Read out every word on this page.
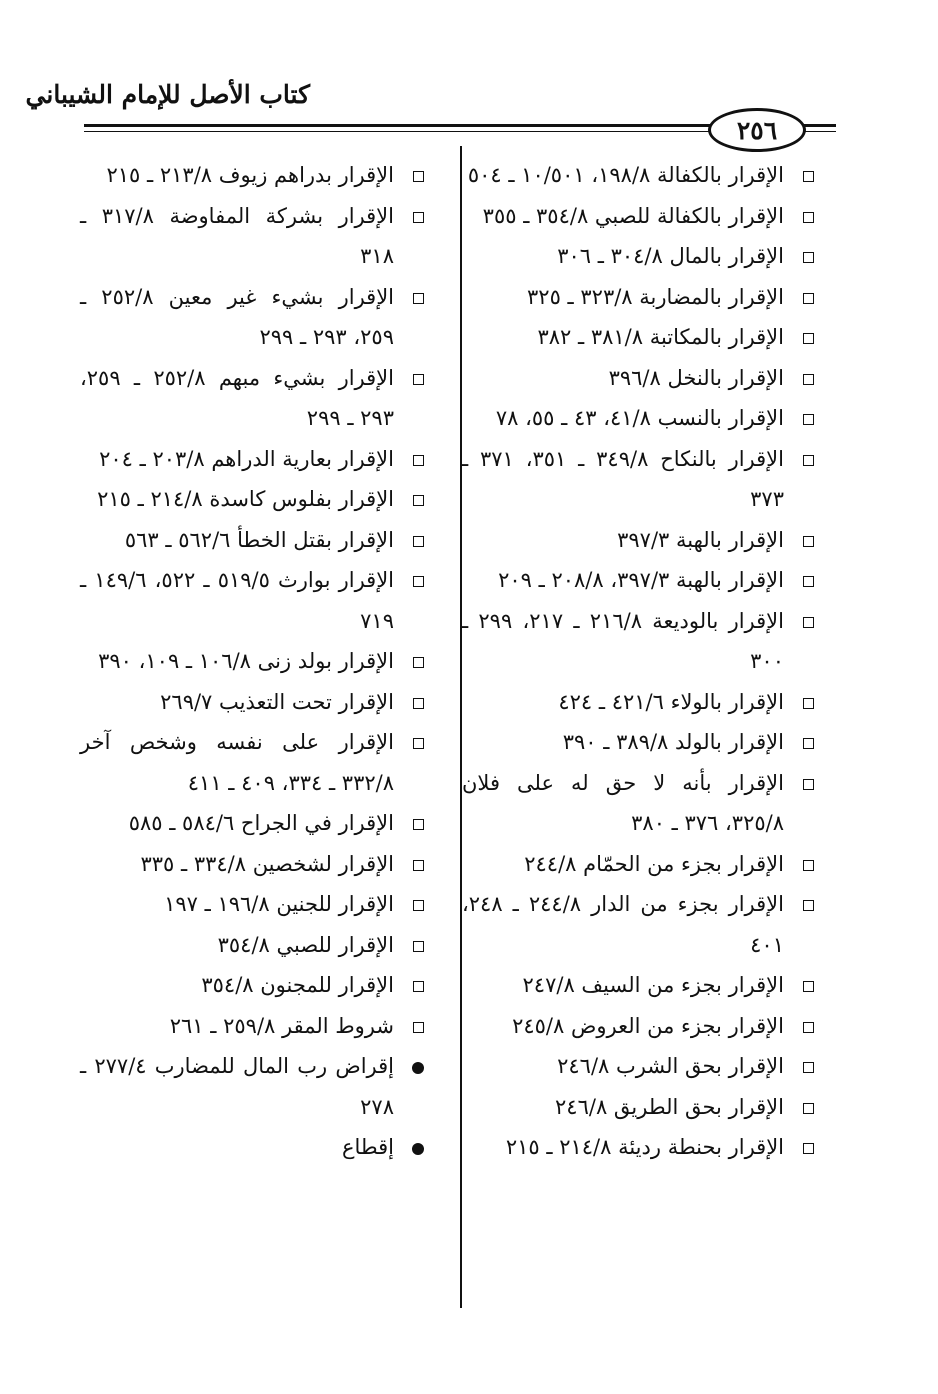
كتاب الأصل للإمام الشيباني
٢٥٦
الإقرار بالكفالة ١٩٨/٨، ١٠/٥٠١ ـ ٥٠٤
الإقرار بالكفالة للصبي ٣٥٤/٨ ـ ٣٥٥
الإقرار بالمال ٣٠٤/٨ ـ ٣٠٦
الإقرار بالمضاربة ٣٢٣/٨ ـ ٣٢٥
الإقرار بالمكاتبة ٣٨١/٨ ـ ٣٨٢
الإقرار بالنخل ٣٩٦/٨
الإقرار بالنسب ٤١/٨، ٤٣ ـ ٥٥، ٧٨
الإقرار بالنكاح ٣٤٩/٨ ـ ٣٥١، ٣٧١ ـ ٣٧٣
الإقرار بالهبة ٣٩٧/٣
الإقرار بالهبة ٣٩٧/٣، ٢٠٨/٨ ـ ٢٠٩
الإقرار بالوديعة ٢١٦/٨ ـ ٢١٧، ٢٩٩ ـ ٣٠٠
الإقرار بالولاء ٤٢١/٦ ـ ٤٢٤
الإقرار بالولد ٣٨٩/٨ ـ ٣٩٠
الإقرار بأنه لا حق له على فلان ٣٢٥/٨، ٣٧٦ ـ ٣٨٠
الإقرار بجزء من الحمّام ٢٤٤/٨
الإقرار بجزء من الدار ٢٤٤/٨ ـ ٢٤٨، ٤٠١
الإقرار بجزء من السيف ٢٤٧/٨
الإقرار بجزء من العروض ٢٤٥/٨
الإقرار بحق الشرب ٢٤٦/٨
الإقرار بحق الطريق ٢٤٦/٨
الإقرار بحنطة رديئة ٢١٤/٨ ـ ٢١٥
الإقرار بدراهم زيوف ٢١٣/٨ ـ ٢١٥
الإقرار بشركة المفاوضة ٣١٧/٨ ـ ٣١٨
الإقرار بشيء غير معين ٢٥٢/٨ ـ ٢٥٩، ٢٩٣ ـ ٢٩٩
الإقرار بشيء مبهم ٢٥٢/٨ ـ ٢٥٩، ٢٩٣ ـ ٢٩٩
الإقرار بعارية الدراهم ٢٠٣/٨ ـ ٢٠٤
الإقرار بفلوس كاسدة ٢١٤/٨ ـ ٢١٥
الإقرار بقتل الخطأ ٥٦٢/٦ ـ ٥٦٣
الإقرار بوارث ٥١٩/٥ ـ ٥٢٢، ١٤٩/٦ ـ ٧١٩
الإقرار بولد زنى ١٠٦/٨ ـ ١٠٩، ٣٩٠
الإقرار تحت التعذيب ٢٦٩/٧
الإقرار على نفسه وشخص آخر ٣٣٢/٨ ـ ٣٣٤، ٤٠٩ ـ ٤١١
الإقرار في الجراح ٥٨٤/٦ ـ ٥٨٥
الإقرار لشخصين ٣٣٤/٨ ـ ٣٣٥
الإقرار للجنين ١٩٦/٨ ـ ١٩٧
الإقرار للصبي ٣٥٤/٨
الإقرار للمجنون ٣٥٤/٨
شروط المقر ٢٥٩/٨ ـ ٢٦١
إقراض رب المال للمضارب ٢٧٧/٤ ـ ٢٧٨
إقطاع
